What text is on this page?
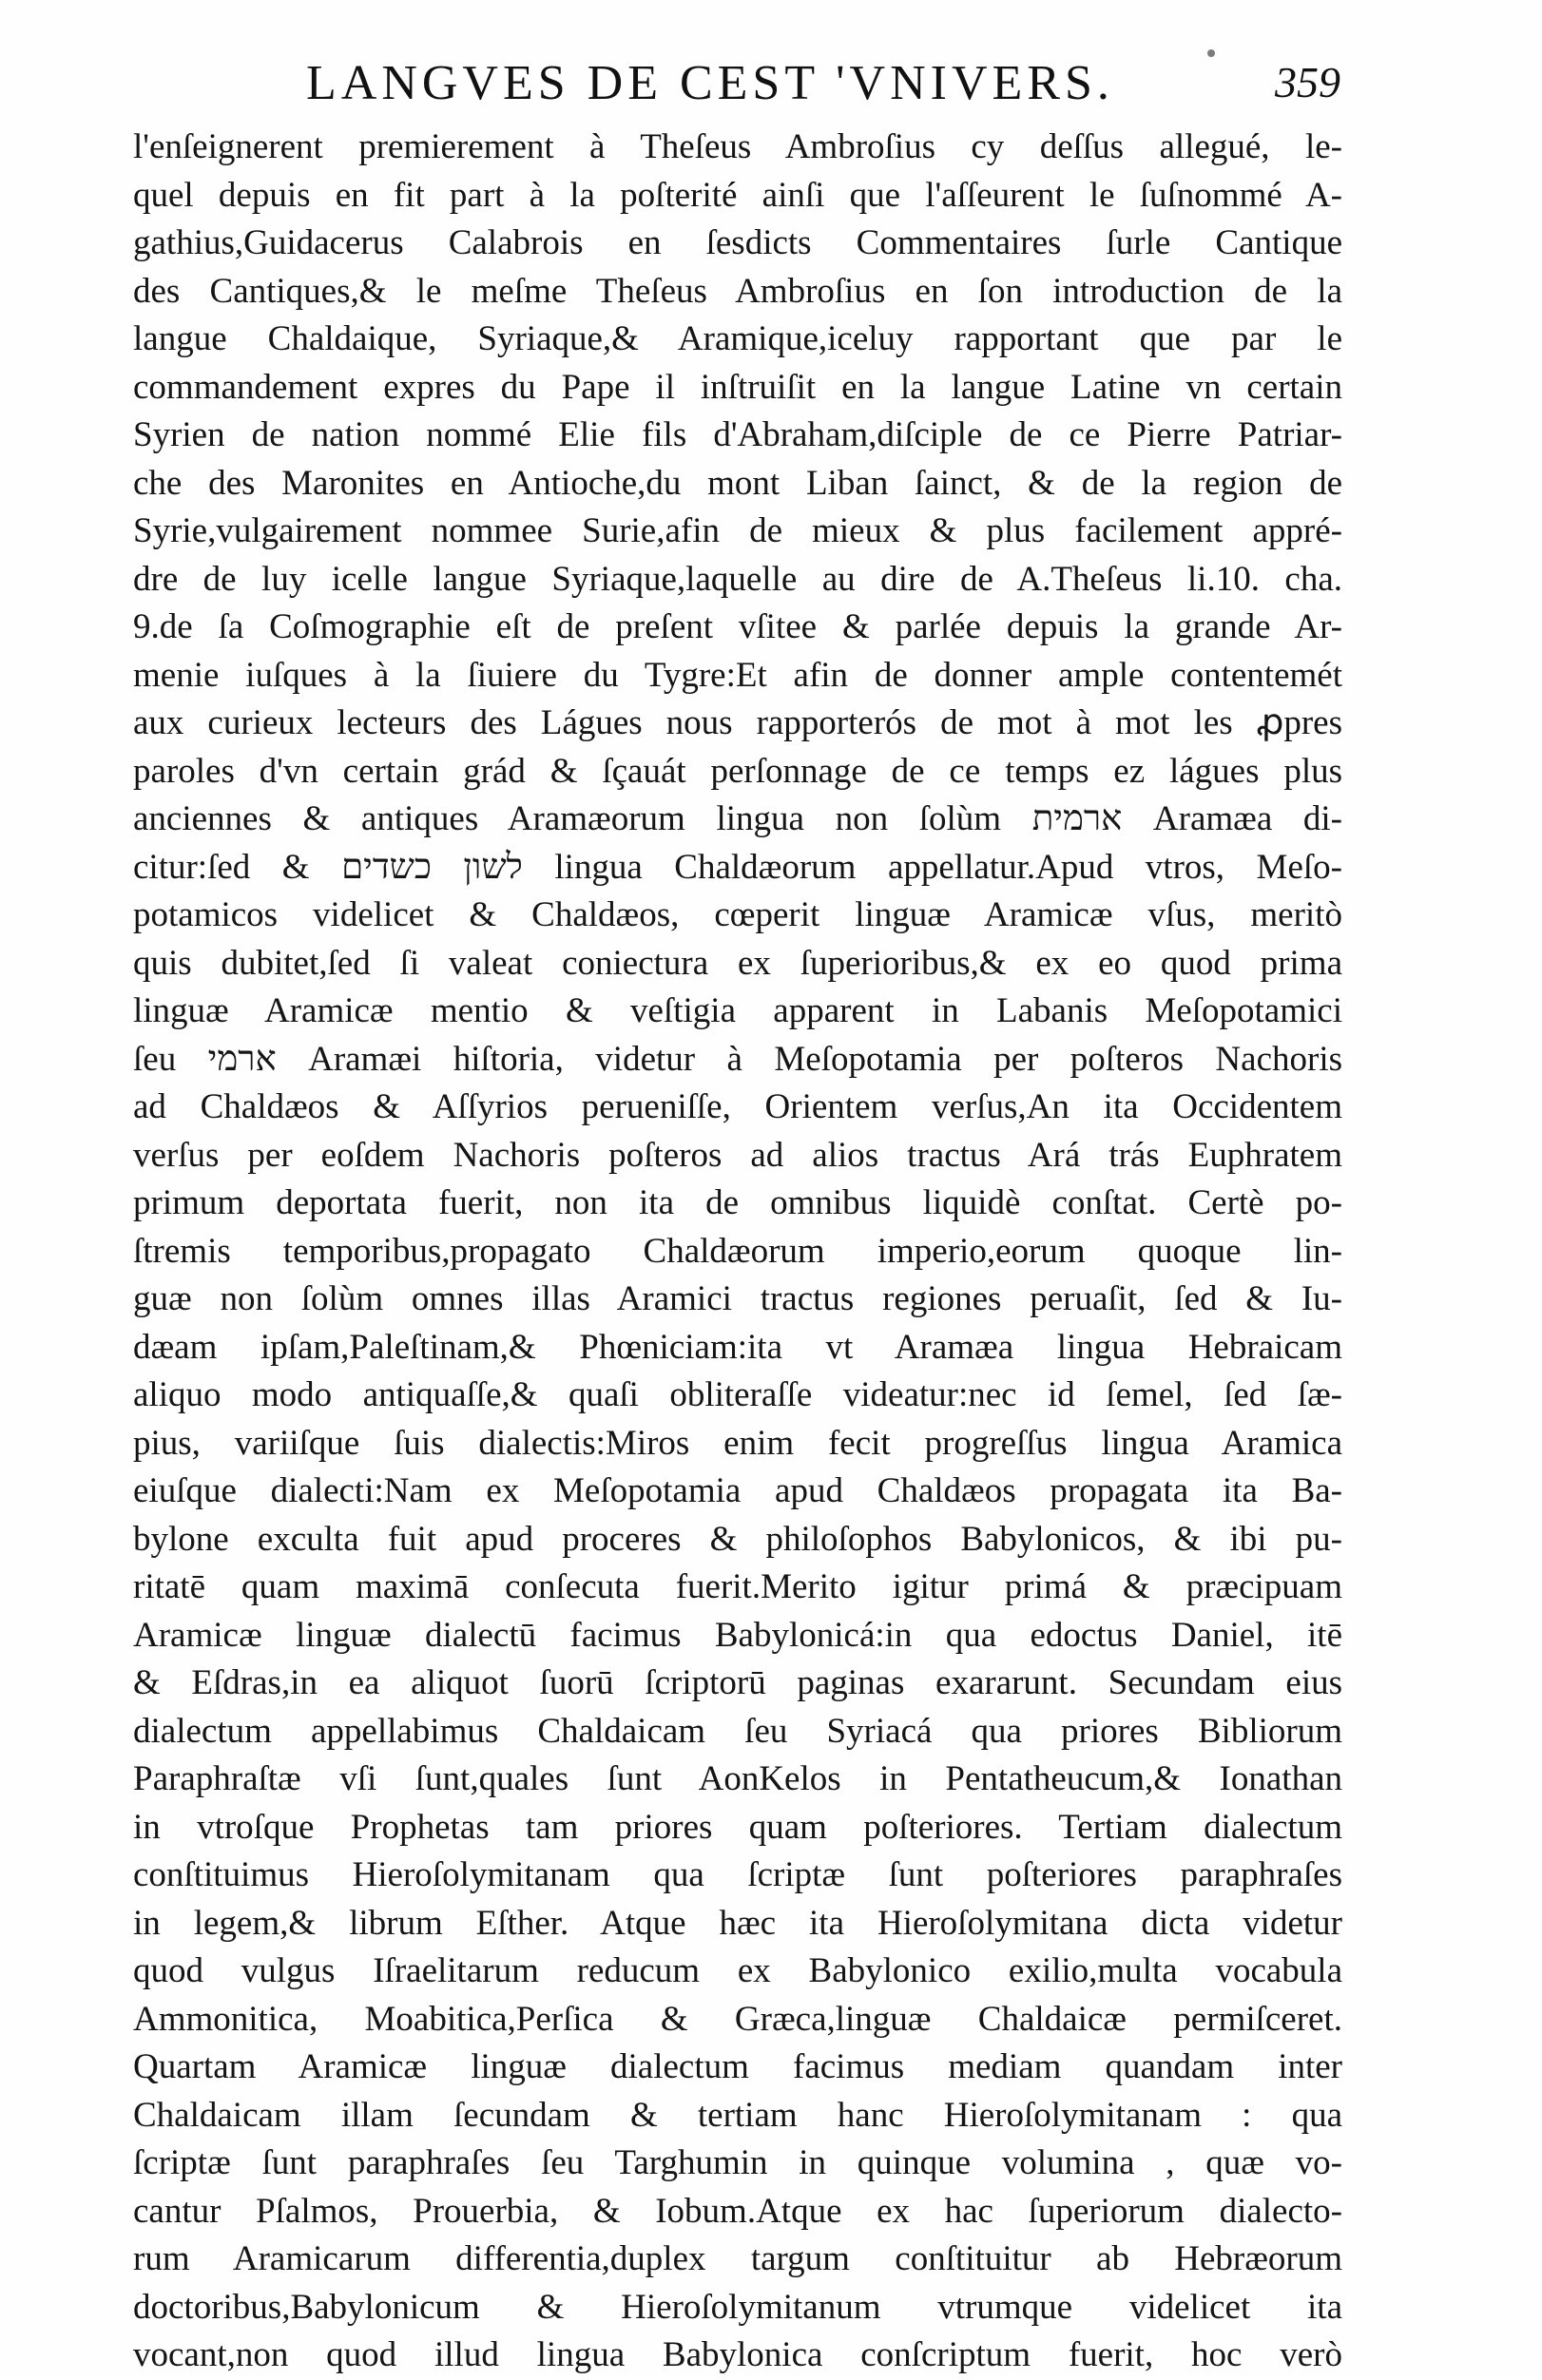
LANGVES DE CEST 'VNIVERS.	359
l'enſeignerent premierement à Theſeus Ambroſius cy deſſus allegué, le-
quel depuis en fit part à la poſterité ainſi que l'aſſeurent le ſuſnommé A-
gathius,Guidacerus Calabrois en ſesdicts Commentaires ſurle Cantique
des Cantiques,& le meſme Theſeus Ambroſius en ſon introduction de la
langue Chaldaique, Syriaque,& Aramique,iceluy rapportant que par le
commandement expres du Pape il inſtruiſit en la langue Latine vn certain
Syrien de nation nommé Elie fils d'Abraham,diſciple de ce Pierre Patriar-
che des Maronites en Antioche,du mont Liban ſainct, & de la region de
Syrie,vulgairement nommee Surie,afin de mieux & plus facilement appré-
dre de luy icelle langue Syriaque,laquelle au dire de A.Theſeus li.10. cha.
9.de ſa Coſmographie eſt de preſent vſitee & parlée depuis la grande Ar-
menie iuſques à la ſiuiere du Tygre:Et afin de donner ample contentemét
aux curieux lecteurs des Lágues nous rapporterós de mot à mot les ꝓpres
paroles d'vn certain grád & ſçauát perſonnage de ce temps ez lágues plus
anciennes & antiques Aramæorum lingua non ſolùm ארמית Aramæa di-
citur:ſed & לשון כשדים lingua Chaldæorum appellatur.Apud vtros, Meſo-
potamicos videlicet & Chaldæos, cœperit linguæ Aramicæ vſus, meritò
quis dubitet,ſed ſi valeat coniectura ex ſuperioribus,& ex eo quod prima
linguæ Aramicæ mentio & veſtigia apparent in Labanis Meſopotamici
ſeu ארמי Aramæi hiſtoria, videtur à Meſopotamia per poſteros Nachoris
ad Chaldæos & Aſſyrios perueniſſe, Orientem verſus,An ita Occidentem
verſus per eoſdem Nachoris poſteros ad alios tractus Ará trás Euphratem
primum deportata fuerit, non ita de omnibus liquidè conſtat. Certè po-
ſtremis temporibus,propagato Chaldæorum imperio,eorum quoque lin-
guæ non ſolùm omnes illas Aramici tractus regiones peruaſit, ſed & Iu-
dæam ipſam,Paleſtinam,& Phœniciam:ita vt Aramæa lingua Hebraicam
aliquo modo antiquaſſe,& quaſi obliteraſſe videatur:nec id ſemel, ſed ſæ-
pius, variiſque ſuis dialectis:Miros enim fecit progreſſus lingua Aramica
eiuſque dialecti:Nam ex Meſopotamia apud Chaldæos propagata ita Ba-
bylone exculta fuit apud proceres & philoſophos Babylonicos, & ibi pu-
ritatē quam maximā conſecuta fuerit.Merito igitur primá & præcipuam
Aramicæ linguæ dialectū facimus Babylonicá:in qua edoctus Daniel, itē
& Eſdras,in ea aliquot ſuorū ſcriptorū paginas exararunt. Secundam eius
dialectum appellabimus Chaldaicam ſeu Syriacá qua priores Bibliorum
Paraphraſtæ vſi ſunt,quales ſunt AonKelos in Pentatheucum,& Ionathan
in vtroſque Prophetas tam priores quam poſteriores. Tertiam dialectum
conſtituimus Hieroſolymitanam qua ſcriptæ ſunt poſteriores paraphraſes
in legem,& librum Eſther. Atque hæc ita Hieroſolymitana dicta videtur
quod vulgus Iſraelitarum reducum ex Babylonico exilio,multa vocabula
Ammonitica, Moabitica,Perſica & Græca,linguæ Chaldaicæ permiſceret.
Quartam Aramicæ linguæ dialectum facimus mediam quandam inter
Chaldaicam illam ſecundam & tertiam hanc Hieroſolymitanam : qua
ſcriptæ ſunt paraphraſes ſeu Targhumin in quinque volumina , quæ vo-
cantur Pſalmos, Prouerbia, & Iobum.Atque ex hac ſuperiorum dialecto-
rum Aramicarum differentia,duplex targum conſtituitur ab Hebræorum
doctoribus,Babylonicum & Hieroſolymitanum vtrumque videlicet ita
vocant,non quod illud lingua Babylonica conſcriptum fuerit, hoc verò
